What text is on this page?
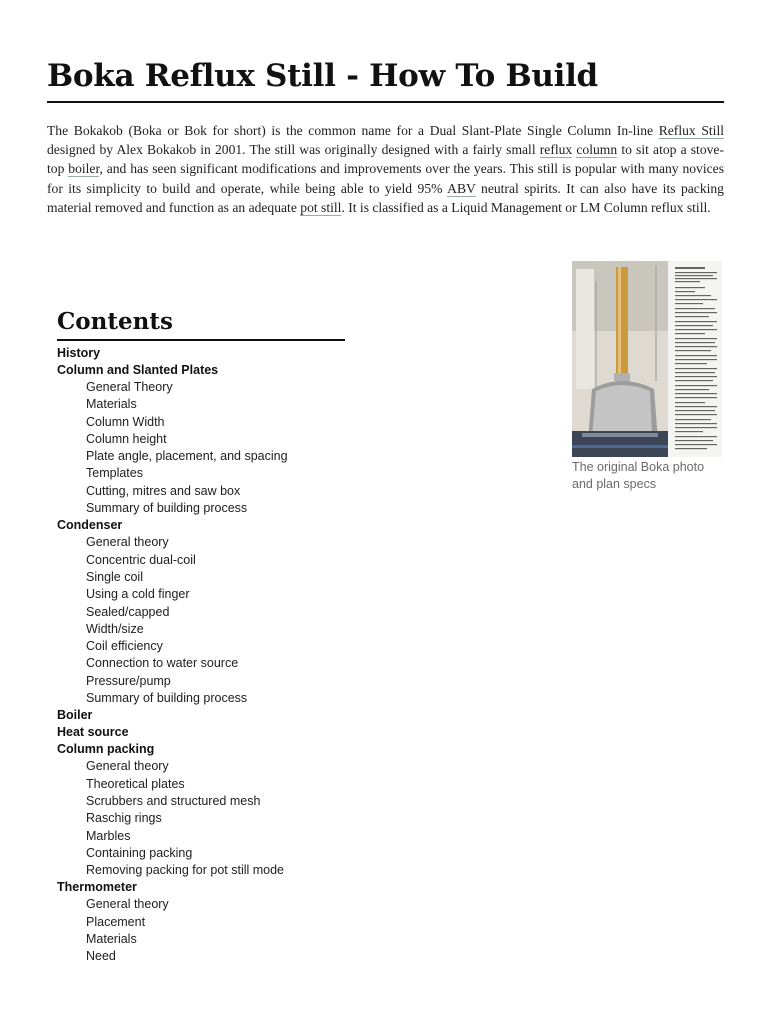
Boka Reflux Still - How To Build

The Bokakob (Boka or Bok for short) is the common name for a Dual Slant-Plate Single Column In-line Reflux Still designed by Alex Bokakob in 2001. The still was originally designed with a fairly small reflux column to sit atop a stove-top boiler, and has seen significant modifications and improvements over the years. This still is popular with many novices for its simplicity to build and operate, while being able to yield 95% ABV neutral spirits. It can also have its packing material removed and function as an adequate pot still. It is classified as a Liquid Management or LM Column reflux still.

The original Boka photo and plan specs
Contents
History
Column and Slanted Plates
General Theory
Materials
Column Width
Column height
Plate angle, placement, and spacing
Templates
Cutting, mitres and saw box
Summary of building process
Condenser
General theory
Concentric dual-coil
Single coil
Using a cold finger
Sealed/capped
Width/size
Coil efficiency
Connection to water source
Pressure/pump
Summary of building process
Boiler
Heat source
Column packing
General theory
Theoretical plates
Scrubbers and structured mesh
Raschig rings
Marbles
Containing packing
Removing packing for pot still mode
Thermometer
General theory
Placement
Materials
Need
